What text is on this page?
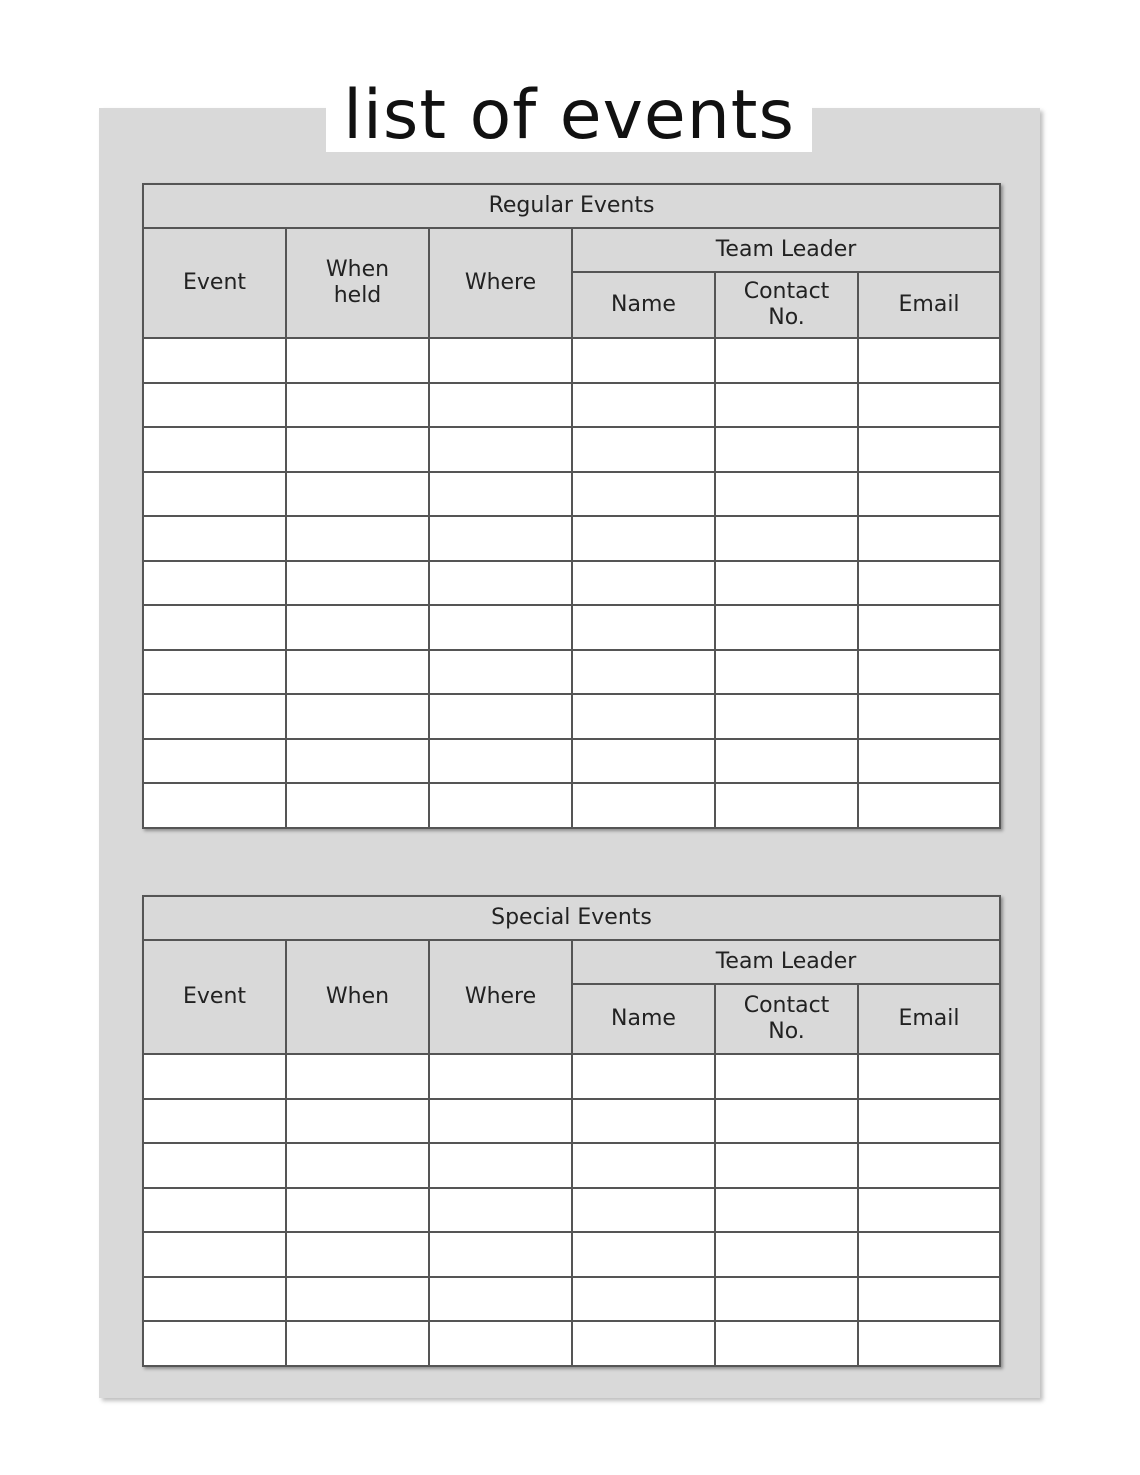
list of events
Regular Events					
Event	When held	Where	Team Leader		
			Name	Contact No.	Email

Special Events					
Event	When	Where	Team Leader		
			Name	Contact No.	Email
